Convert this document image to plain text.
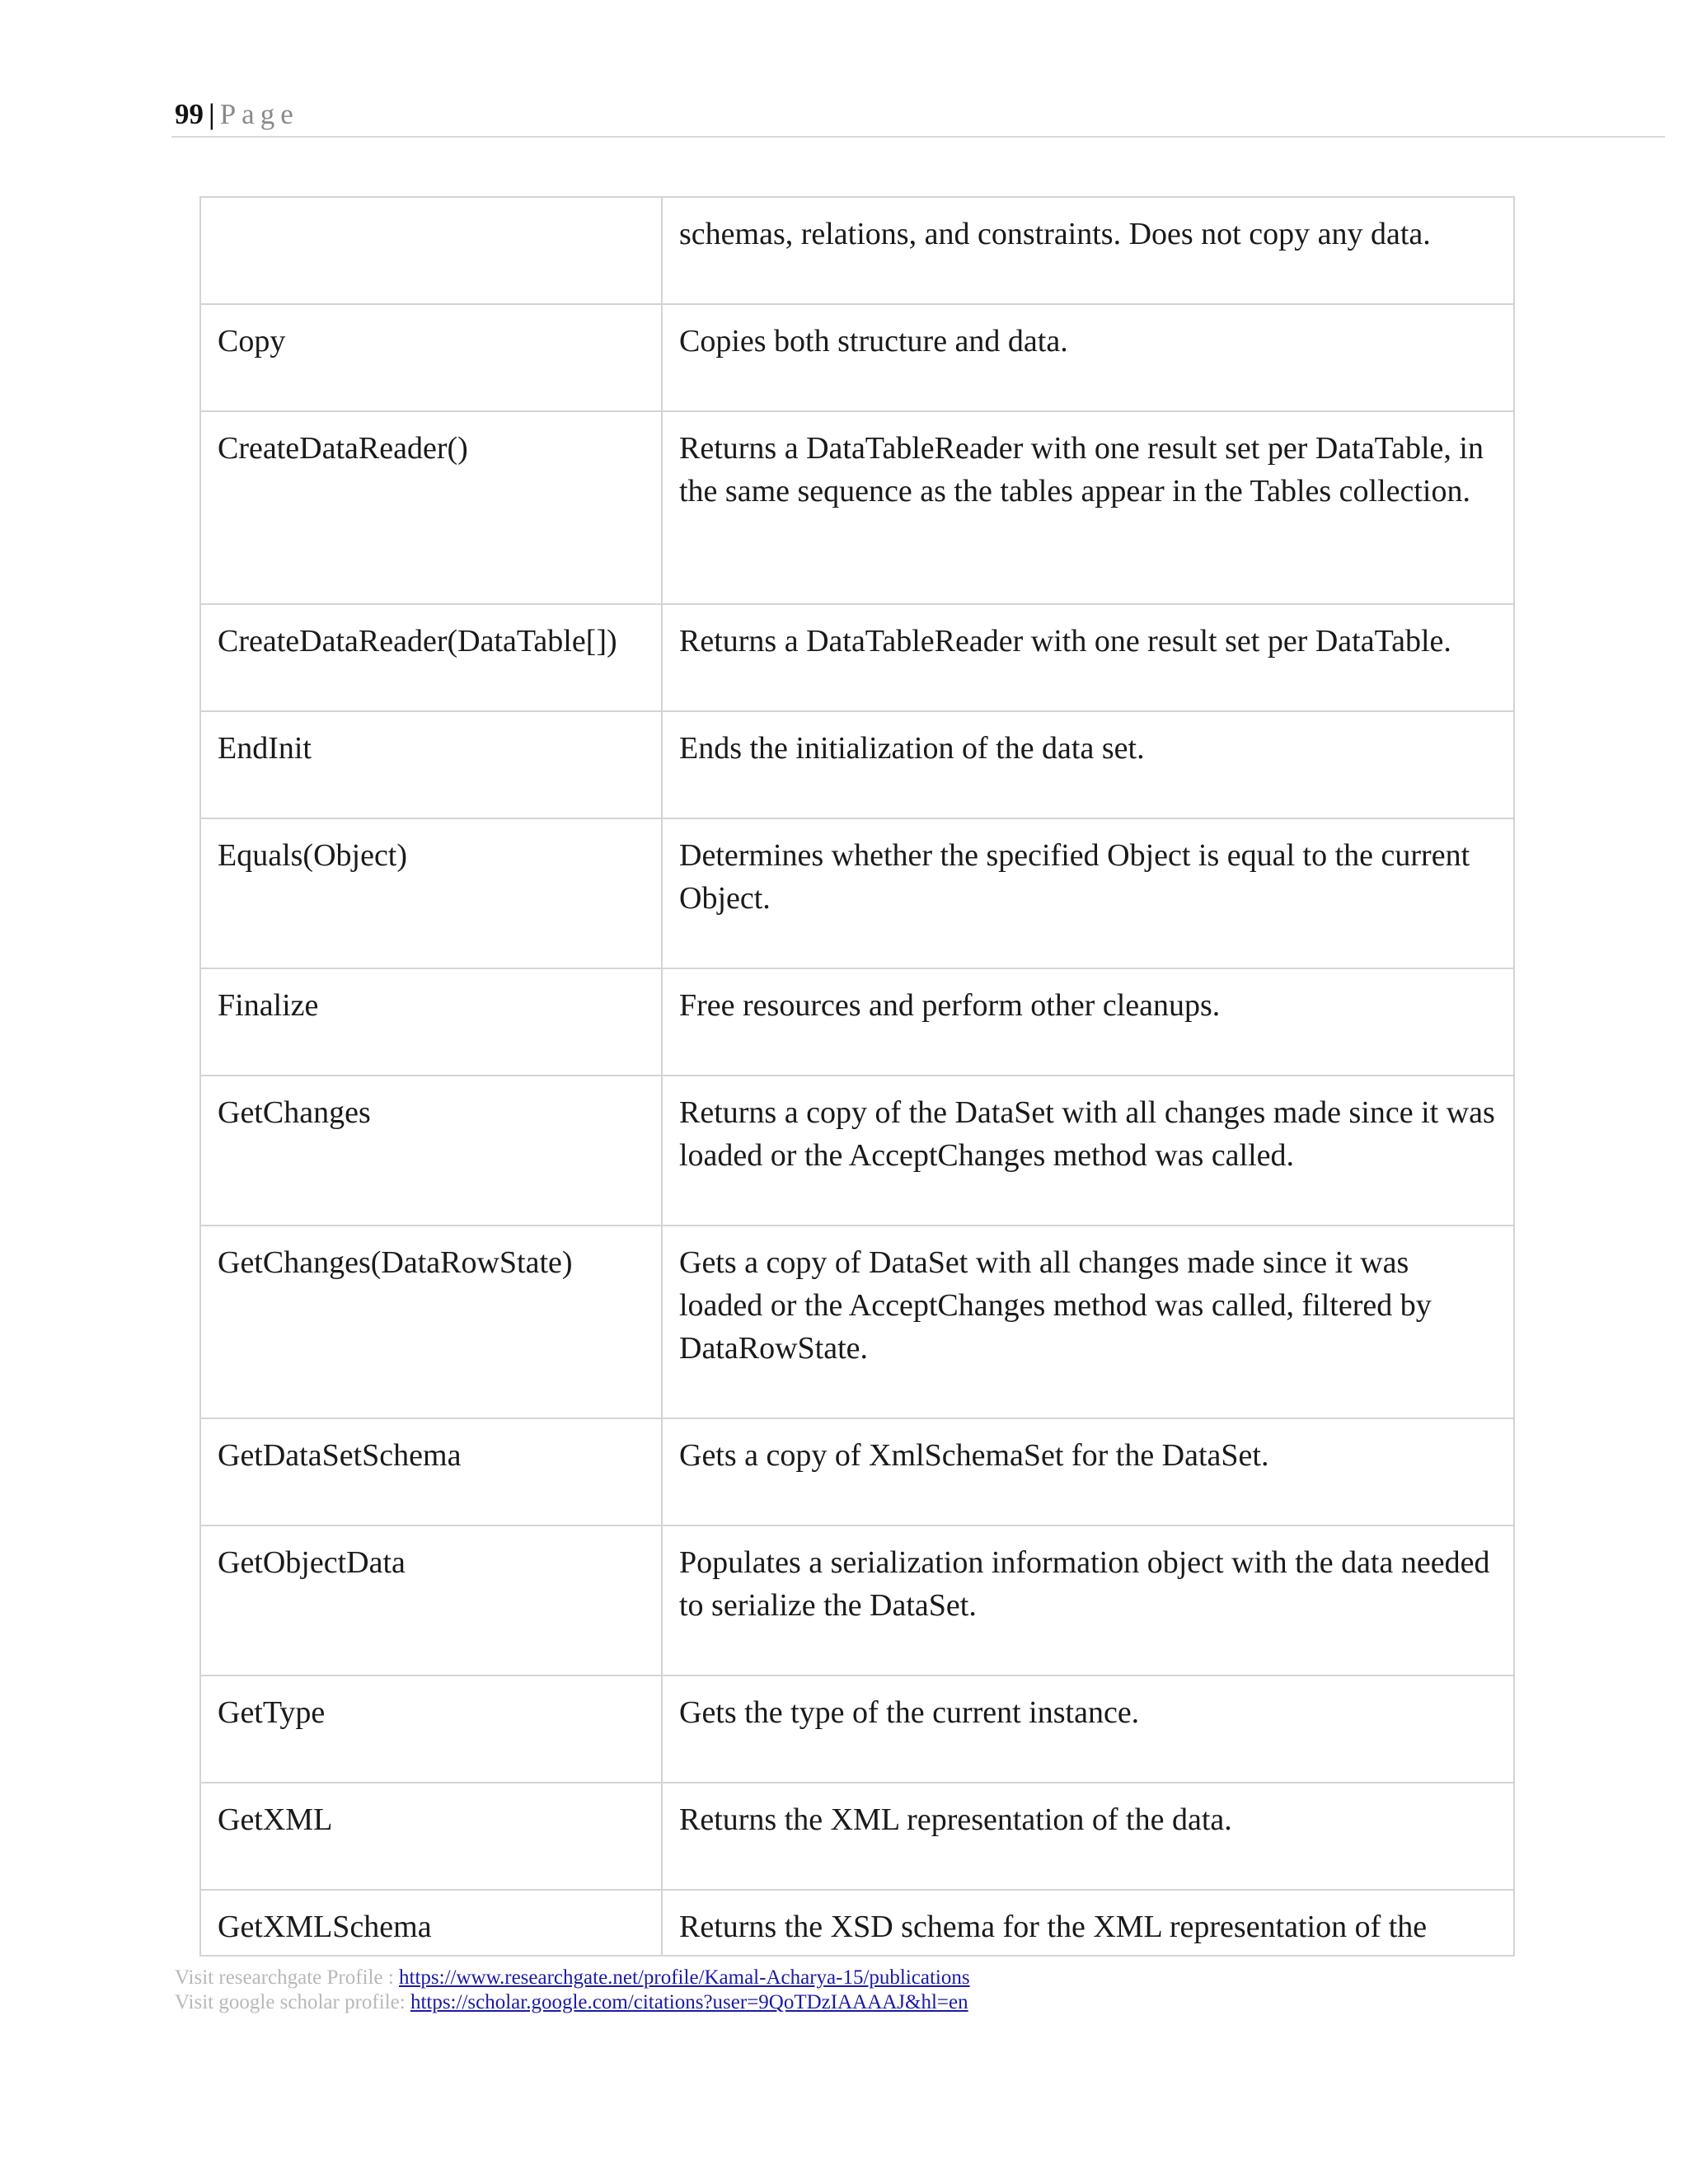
99 | Page
	schemas, relations, and constraints. Does not copy any data.
Copy	Copies both structure and data.
CreateDataReader()	Returns a DataTableReader with one result set per DataTable, in the same sequence as the tables appear in the Tables collection.
CreateDataReader(DataTable[])	Returns a DataTableReader with one result set per DataTable.
EndInit	Ends the initialization of the data set.
Equals(Object)	Determines whether the specified Object is equal to the current Object.
Finalize	Free resources and perform other cleanups.
GetChanges	Returns a copy of the DataSet with all changes made since it was loaded or the AcceptChanges method was called.
GetChanges(DataRowState)	Gets a copy of DataSet with all changes made since it was loaded or the AcceptChanges method was called, filtered by DataRowState.
GetDataSetSchema	Gets a copy of XmlSchemaSet for the DataSet.
GetObjectData	Populates a serialization information object with the data needed to serialize the DataSet.
GetType	Gets the type of the current instance.
GetXML	Returns the XML representation of the data.
GetXMLSchema	Returns the XSD schema for the XML representation of the
Visit researchgate Profile : https://www.researchgate.net/profile/Kamal-Acharya-15/publications
Visit google scholar profile: https://scholar.google.com/citations?user=9QoTDzIAAAAJ&hl=en
